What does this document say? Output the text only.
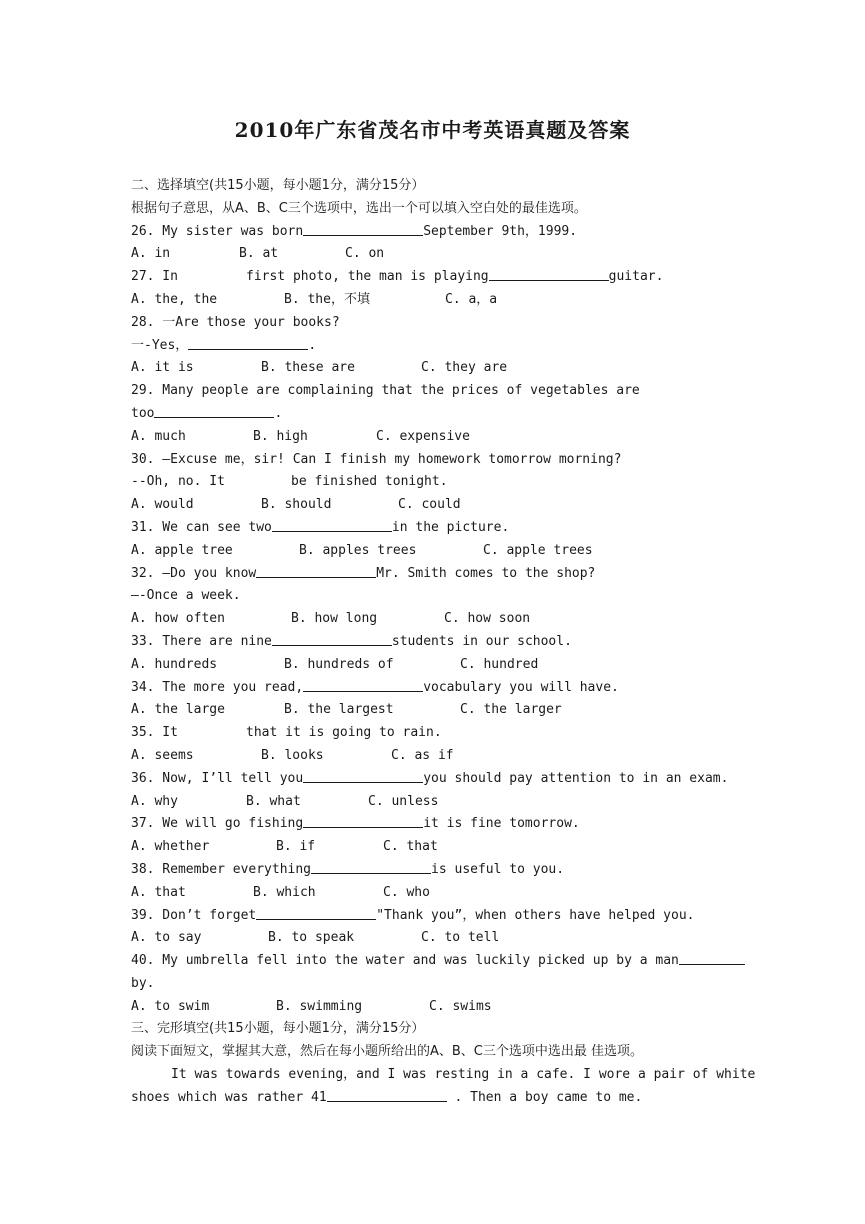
2010年广东省茂名市中考英语真题及答案
二、选择填空(共15小题，每小题1分，满分15分）
根据句子意思，从A、B、C三个选项中，选出一个可以填入空白处的最佳选项。
26. My sister was born	September 9th，1999.
A. in	B. at	C. on
27. In	first photo, the man is playing	guitar.
A. the, the	B. the，不填	C. a，a
28. 一Are those your books?
一-Yes，	.
A. it is	B. these are	C. they are
29. Many people are complaining that the prices of vegetables are
too	.
A. much	B. high	C. expensive
30. —Excuse me，sir! Can I finish my homework tomorrow morning?
--Oh, no. It	be finished tonight.
A. would	B. should	C. could
31. We can see two	in the picture.
A. apple tree	B. apples trees	C. apple trees
32. —Do you know	Mr. Smith comes to the shop?
—-Once a week.
A. how often	B. how long	C. how soon
33. There are nine	students in our school.
A. hundreds	B. hundreds of	C. hundred
34. The more you read,	vocabulary you will have.
A. the large	B. the largest	C. the larger
35. It	that it is going to rain.
A. seems	B. looks	C. as if
36. Now, I’ll tell you	you should pay attention to in an exam.
A. why	B. what	C. unless
37. We will go fishing	it is fine tomorrow.
A. whether	B. if	C. that
38. Remember everything	is useful to you.
A. that	B. which	C. who
39. Don’t forget	"Thank you”，when others have helped you.
A. to say	B. to speak	C. to tell
40. My umbrella fell into the water and was luckily picked up by a man
by.
A. to swim	B. swimming	C. swims
三、完形填空(共15小题，每小题1分，满分15分）
阅读下面短文，掌握其大意，然后在每小题所给出的A、B、C三个选项中选出最 佳选项。
It was towards evening，and I was resting in a cafe. I wore a pair of white
shoes which was rather 41	. Then a boy came to me.
